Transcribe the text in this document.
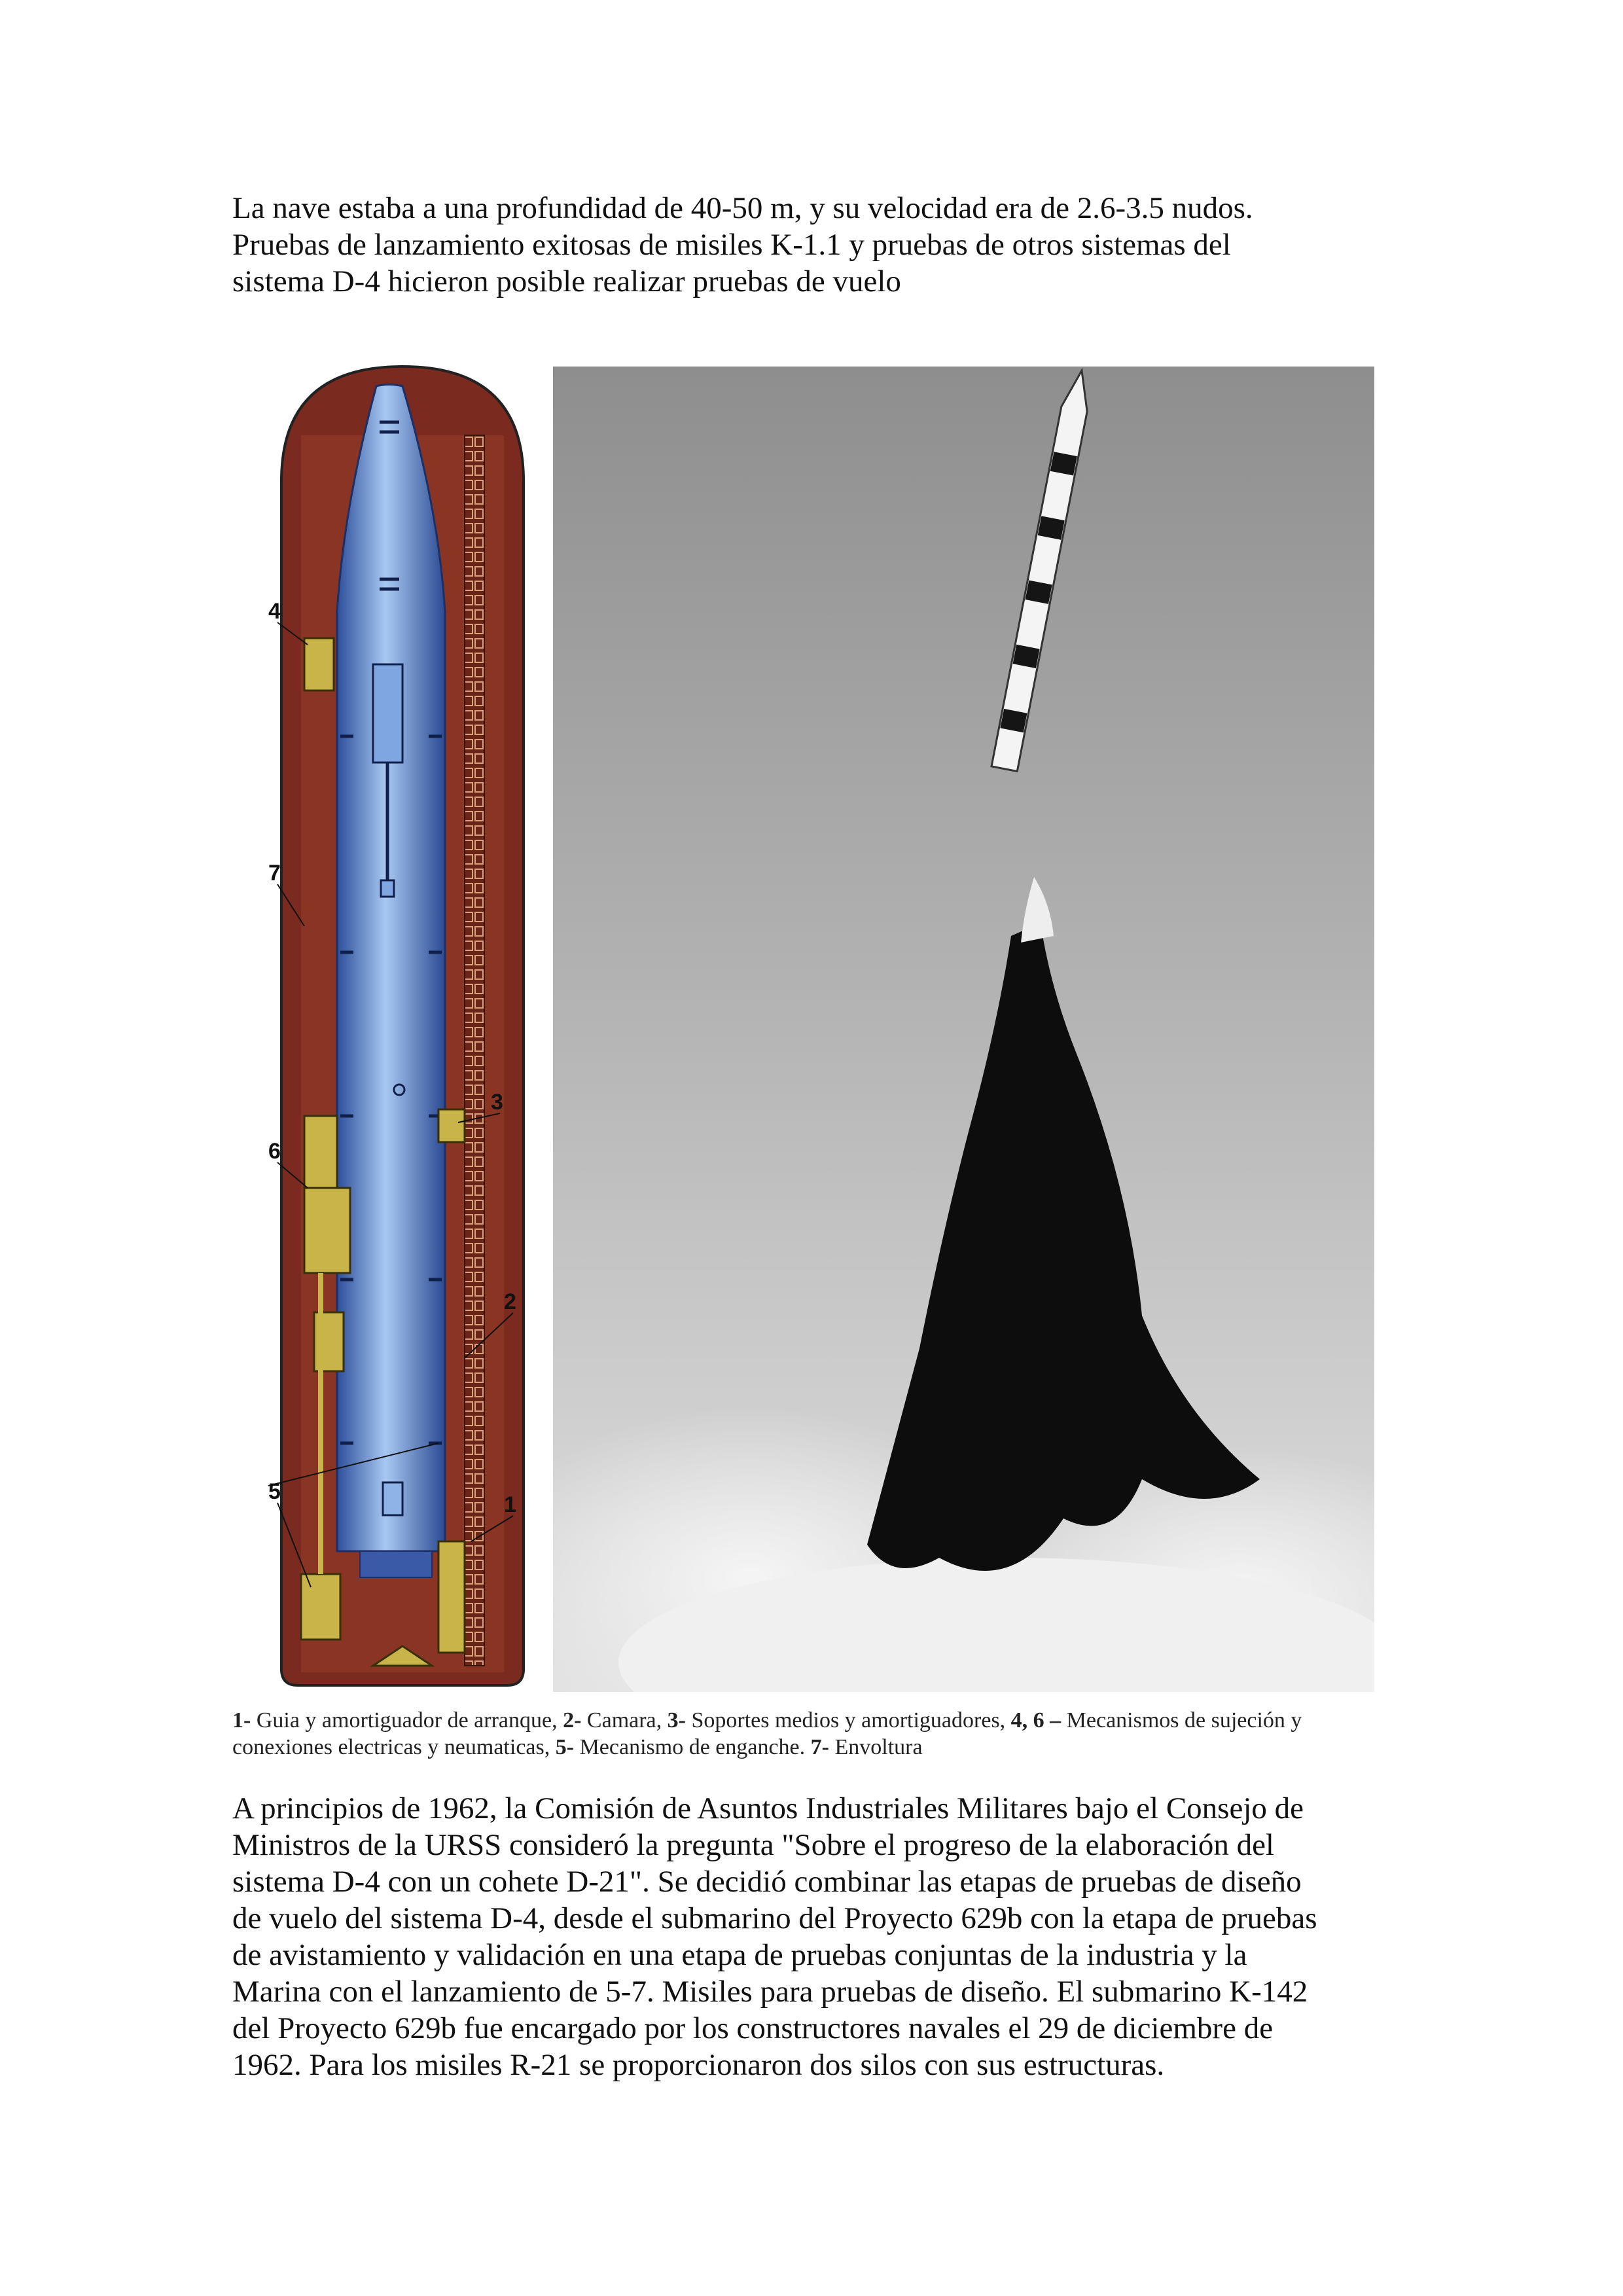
La nave estaba a una profundidad de 40-50 m, y su velocidad era de 2.6-3.5 nudos.
Pruebas de lanzamiento exitosas de misiles K-1.1 y pruebas de otros sistemas del
sistema D-4 hicieron posible realizar pruebas de vuelo

1
2
3
4
5
6
7

1- Guia y amortiguador de arranque, 2- Camara, 3- Soportes medios y amortiguadores, 4, 6 – Mecanismos de sujeción y conexiones electricas y neumaticas, 5- Mecanismo de enganche. 7- Envoltura

A principios de 1962, la Comisión de Asuntos Industriales Militares bajo el Consejo de
Ministros de la URSS consideró la pregunta "Sobre el progreso de la elaboración del
sistema D-4 con un cohete D-21". Se decidió combinar las etapas de pruebas de diseño
de vuelo del sistema D-4, desde el submarino del Proyecto 629b con la etapa de pruebas
de avistamiento y validación en una etapa de pruebas conjuntas de la industria y la
Marina con el lanzamiento de 5-7. Misiles para pruebas de diseño. El submarino K-142
del Proyecto 629b fue encargado por los constructores navales el 29 de diciembre de
1962. Para los misiles R-21 se proporcionaron dos silos con sus estructuras.
